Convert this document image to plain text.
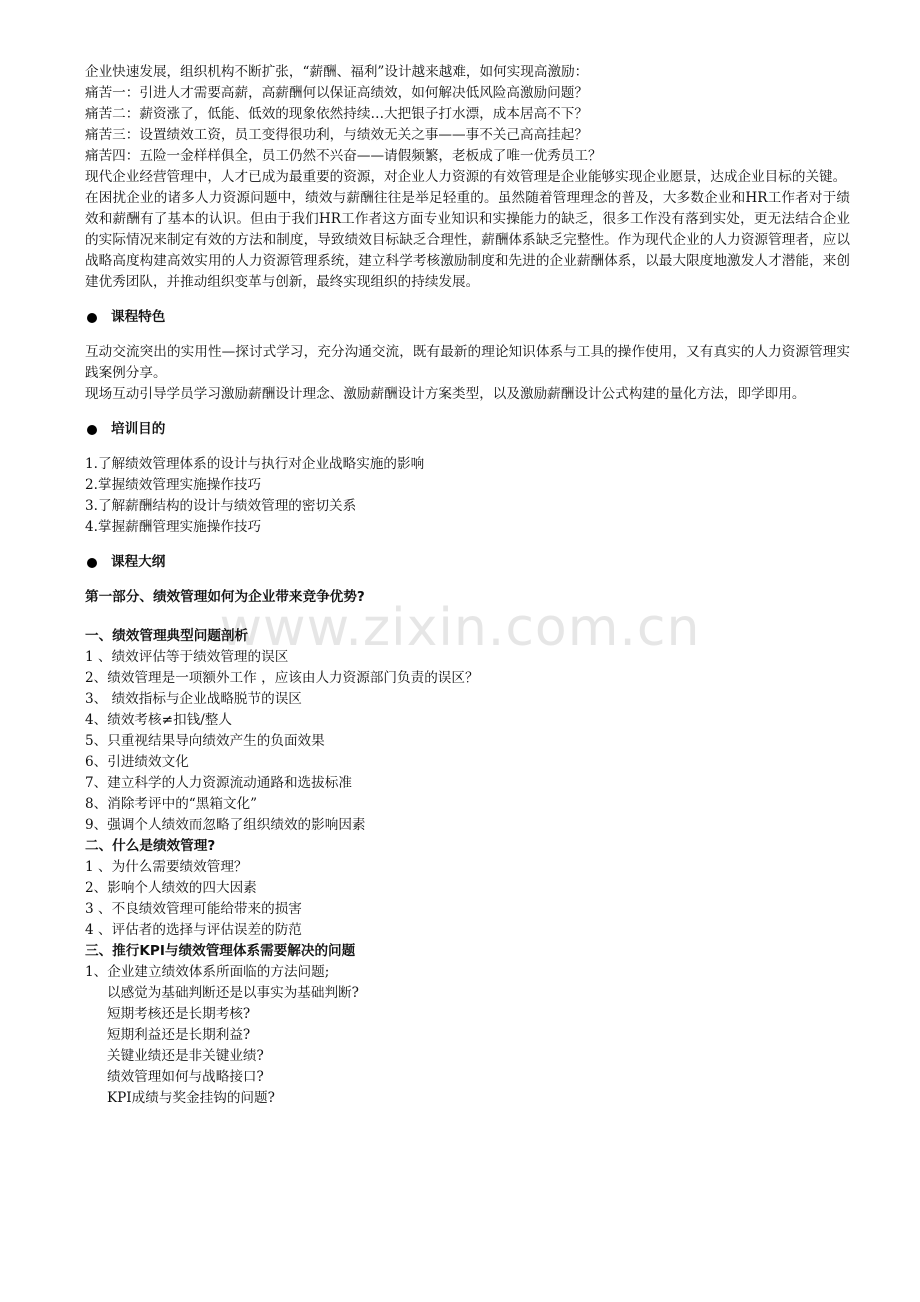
www.zixin.com.cn

企业快速发展，组织机构不断扩张，“薪酬、福利”设计越来越难，如何实现高激励：

痛苦一：引进人才需要高薪，高薪酬何以保证高绩效，如何解决低风险高激励问题？

痛苦二：薪资涨了，低能、低效的现象依然持续…大把银子打水漂，成本居高不下？

痛苦三：设置绩效工资，员工变得很功利，与绩效无关之事——事不关己高高挂起？

痛苦四：五险一金样样俱全，员工仍然不兴奋——请假频繁，老板成了唯一优秀员工？

现代企业经营管理中，人才已成为最重要的资源，对企业人力资源的有效管理是企业能够实现企业愿景，达成企业目标的关键。

在困扰企业的诸多人力资源问题中，绩效与薪酬往往是举足轻重的。虽然随着管理理念的普及，大多数企业和HR工作者对于绩效和薪酬有了基本的认识。但由于我们HR工作者这方面专业知识和实操能力的缺乏，很多工作没有落到实处，更无法结合企业的实际情况来制定有效的方法和制度，导致绩效目标缺乏合理性，薪酬体系缺乏完整性。作为现代企业的人力资源管理者，应以战略高度构建高效实用的人力资源管理系统，建立科学考核激励制度和先进的企业薪酬体系，以最大限度地激发人才潜能，来创建优秀团队，并推动组织变革与创新，最终实现组织的持续发展。

课程特色

互动交流突出的实用性—探讨式学习，充分沟通交流，既有最新的理论知识体系与工具的操作使用，又有真实的人力资源管理实践案例分享。

现场互动引导学员学习激励薪酬设计理念、激励薪酬设计方案类型，以及激励薪酬设计公式构建的量化方法，即学即用。

培训目的

1.了解绩效管理体系的设计与执行对企业战略实施的影响

2.掌握绩效管理实施操作技巧

3.了解薪酬结构的设计与绩效管理的密切关系

4.掌握薪酬管理实施操作技巧

课程大纲

第一部分、绩效管理如何为企业带来竞争优势?

一、绩效管理典型问题剖析

1 、绩效评估等于绩效管理的误区

2、绩效管理是一项额外工作 ，应该由人力资源部门负责的误区？

3、 绩效指标与企业战略脱节的误区

4、绩效考核≠扣钱/整人

5、只重视结果导向绩效产生的负面效果

6、引进绩效文化

7、建立科学的人力资源流动通路和选拔标准

8、消除考评中的“黑箱文化”

9、强调个人绩效而忽略了组织绩效的影响因素

二、什么是绩效管理?

1 、为什么需要绩效管理？

2、影响个人绩效的四大因素

3 、不良绩效管理可能给带来的损害

4 、评估者的选择与评估误差的防范

三、推行KPI与绩效管理体系需要解决的问题

1、企业建立绩效体系所面临的方法问题;

以感觉为基础判断还是以事实为基础判断?

短期考核还是长期考核?

短期利益还是长期利益?

关键业绩还是非关键业绩?

绩效管理如何与战略接口?

KPI成绩与奖金挂钩的问题?
